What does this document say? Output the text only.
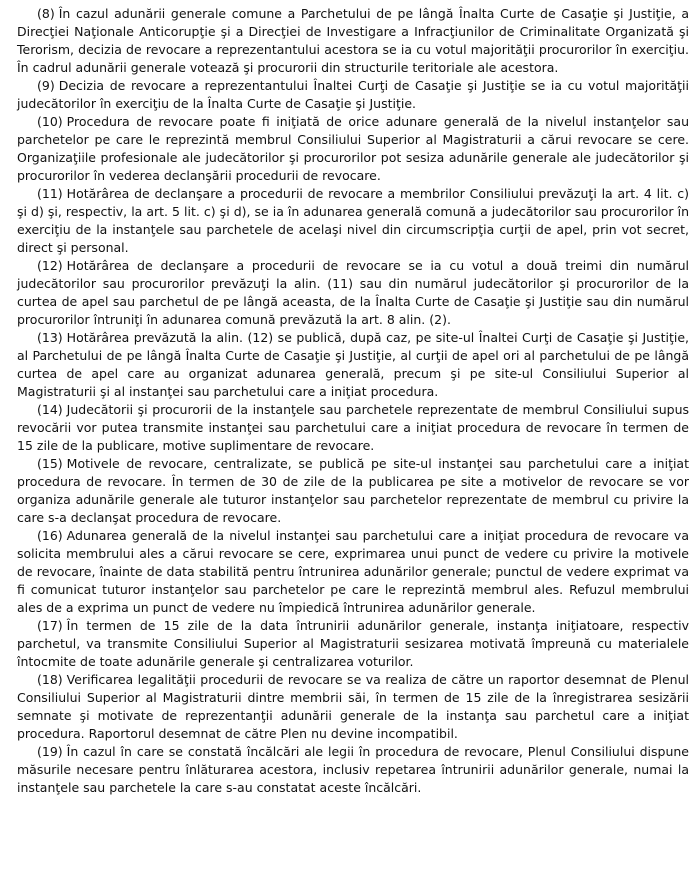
(8) În cazul adunării generale comune a Parchetului de pe lângă Înalta Curte de Casaţie şi Justiţie, a Direcţiei Naţionale Anticorupţie şi a Direcţiei de Investigare a Infracţiunilor de Criminalitate Organizată şi Terorism, decizia de revocare a reprezentantului acestora se ia cu votul majorităţii procurorilor în exerciţiu. În cadrul adunării generale votează şi procurorii din structurile teritoriale ale acestora.

(9) Decizia de revocare a reprezentantului Înaltei Curţi de Casaţie şi Justiţie se ia cu votul majorităţii judecătorilor în exerciţiu de la Înalta Curte de Casaţie şi Justiţie.

(10) Procedura de revocare poate fi iniţiată de orice adunare generală de la nivelul instanţelor sau parchetelor pe care le reprezintă membrul Consiliului Superior al Magistraturii a cărui revocare se cere. Organizaţiile profesionale ale judecătorilor şi procurorilor pot sesiza adunările generale ale judecătorilor şi procurorilor în vederea declanşării procedurii de revocare.

(11) Hotărârea de declanşare a procedurii de revocare a membrilor Consiliului prevăzuţi la art. 4 lit. c) şi d) şi, respectiv, la art. 5 lit. c) şi d), se ia în adunarea generală comună a judecătorilor sau procurorilor în exerciţiu de la instanţele sau parchetele de acelaşi nivel din circumscripţia curţii de apel, prin vot secret, direct şi personal.

(12) Hotărârea de declanşare a procedurii de revocare se ia cu votul a două treimi din numărul judecătorilor sau procurorilor prevăzuţi la alin. (11) sau din numărul judecătorilor şi procurorilor de la curtea de apel sau parchetul de pe lângă aceasta, de la Înalta Curte de Casaţie şi Justiţie sau din numărul procurorilor întruniţi în adunarea comună prevăzută la art. 8 alin. (2).

(13) Hotărârea prevăzută la alin. (12) se publică, după caz, pe site-ul Înaltei Curţi de Casaţie şi Justiţie, al Parchetului de pe lângă Înalta Curte de Casaţie şi Justiţie, al curţii de apel ori al parchetului de pe lângă curtea de apel care au organizat adunarea generală, precum şi pe site-ul Consiliului Superior al Magistraturii şi al instanţei sau parchetului care a iniţiat procedura.

(14) Judecătorii şi procurorii de la instanţele sau parchetele reprezentate de membrul Consiliului supus revocării vor putea transmite instanţei sau parchetului care a iniţiat procedura de revocare în termen de 15 zile de la publicare, motive suplimentare de revocare.

(15) Motivele de revocare, centralizate, se publică pe site-ul instanţei sau parchetului care a iniţiat procedura de revocare. În termen de 30 de zile de la publicarea pe site a motivelor de revocare se vor organiza adunările generale ale tuturor instanţelor sau parchetelor reprezentate de membrul cu privire la care s-a declanşat procedura de revocare.

(16) Adunarea generală de la nivelul instanţei sau parchetului care a iniţiat procedura de revocare va solicita membrului ales a cărui revocare se cere, exprimarea unui punct de vedere cu privire la motivele de revocare, înainte de data stabilită pentru întrunirea adunărilor generale; punctul de vedere exprimat va fi comunicat tuturor instanţelor sau parchetelor pe care le reprezintă membrul ales. Refuzul membrului ales de a exprima un punct de vedere nu împiedică întrunirea adunărilor generale.

(17) În termen de 15 zile de la data întrunirii adunărilor generale, instanţa iniţiatoare, respectiv parchetul, va transmite Consiliului Superior al Magistraturii sesizarea motivată împreună cu materialele întocmite de toate adunările generale şi centralizarea voturilor.

(18) Verificarea legalităţii procedurii de revocare se va realiza de către un raportor desemnat de Plenul Consiliului Superior al Magistraturii dintre membrii săi, în termen de 15 zile de la înregistrarea sesizării semnate şi motivate de reprezentanţii adunării generale de la instanţa sau parchetul care a iniţiat procedura. Raportorul desemnat de către Plen nu devine incompatibil.

(19) În cazul în care se constată încălcări ale legii în procedura de revocare, Plenul Consiliului dispune măsurile necesare pentru înlăturarea acestora, inclusiv repetarea întrunirii adunărilor generale, numai la instanţele sau parchetele la care s-au constatat aceste încălcări.
